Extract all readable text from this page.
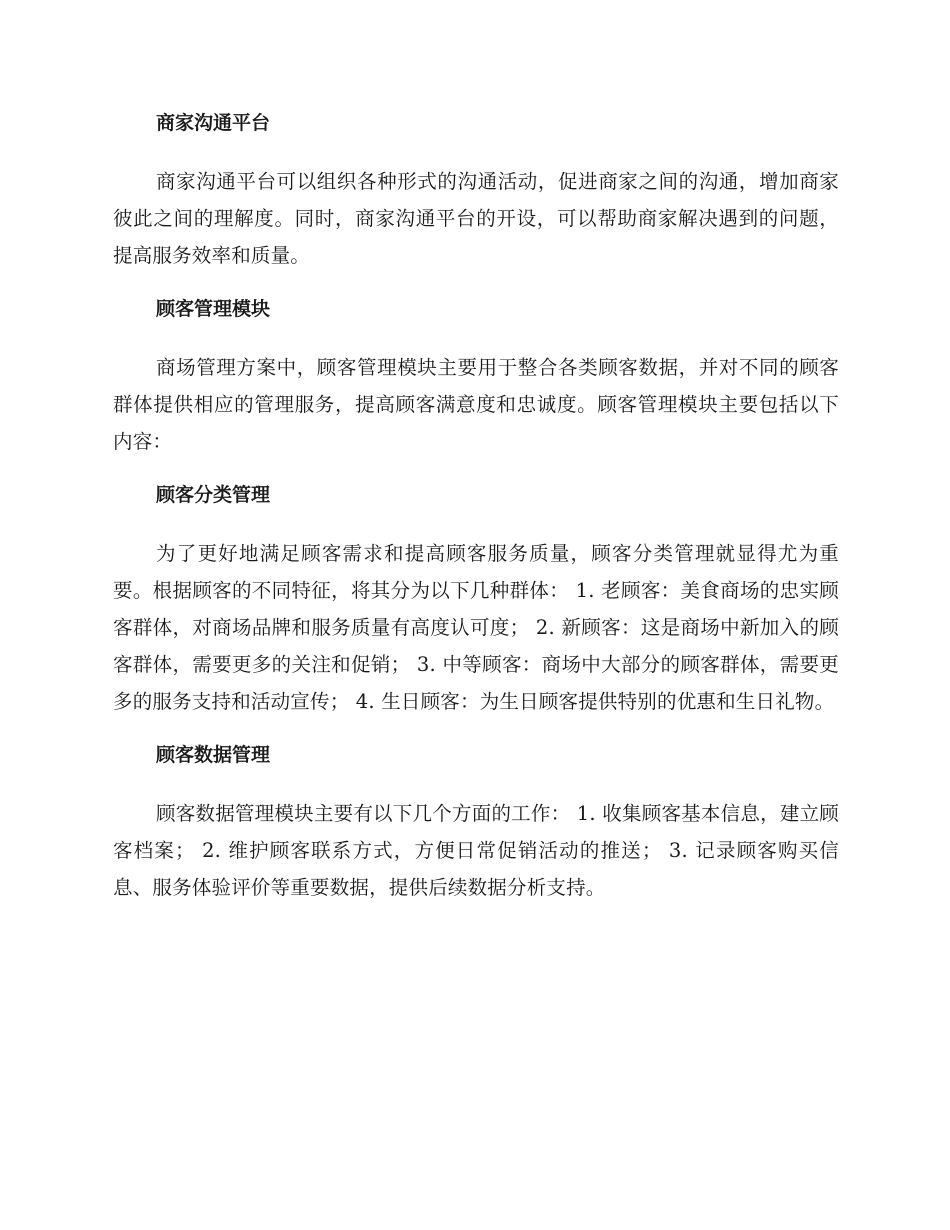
商家沟通平台

商家沟通平台可以组织各种形式的沟通活动，促进商家之间的沟通，增加商家彼此之间的理解度。同时，商家沟通平台的开设，可以帮助商家解决遇到的问题，提高服务效率和质量。

顾客管理模块

商场管理方案中，顾客管理模块主要用于整合各类顾客数据，并对不同的顾客群体提供相应的管理服务，提高顾客满意度和忠诚度。顾客管理模块主要包括以下内容：

顾客分类管理

为了更好地满足顾客需求和提高顾客服务质量，顾客分类管理就显得尤为重要。根据顾客的不同特征，将其分为以下几种群体： 1. 老顾客：美食商场的忠实顾客群体，对商场品牌和服务质量有高度认可度； 2. 新顾客：这是商场中新加入的顾客群体，需要更多的关注和促销； 3. 中等顾客：商场中大部分的顾客群体，需要更多的服务支持和活动宣传； 4. 生日顾客：为生日顾客提供特别的优惠和生日礼物。

顾客数据管理

顾客数据管理模块主要有以下几个方面的工作： 1. 收集顾客基本信息，建立顾客档案； 2. 维护顾客联系方式，方便日常促销活动的推送； 3. 记录顾客购买信息、服务体验评价等重要数据，提供后续数据分析支持。
